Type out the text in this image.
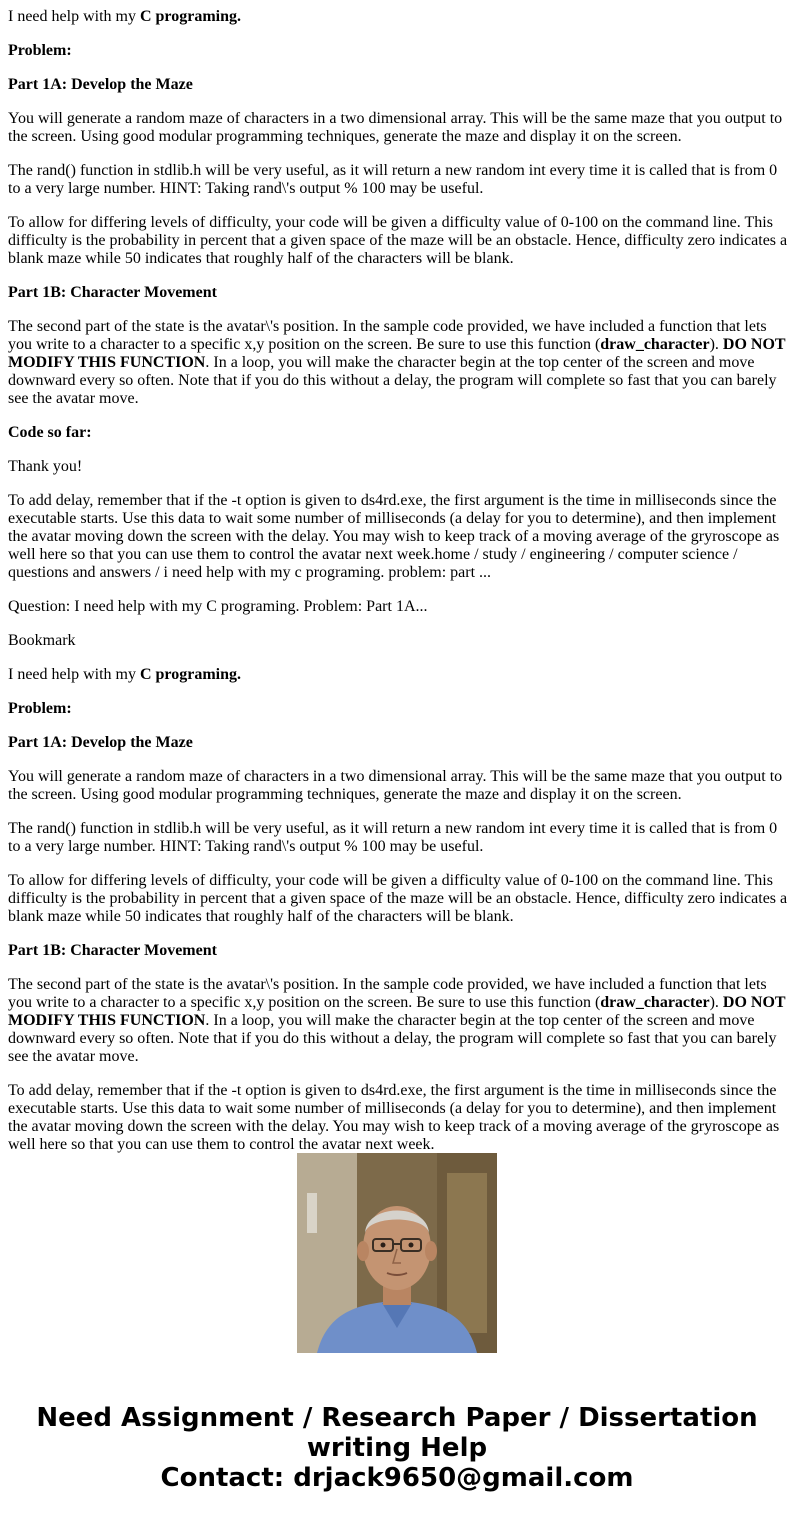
I need help with my C programing.

Problem:

Part 1A: Develop the Maze

You will generate a random maze of characters in a two dimensional array. This will be the same maze that you output to the screen. Using good modular programming techniques, generate the maze and display it on the screen.

The rand() function in stdlib.h will be very useful, as it will return a new random int every time it is called that is from 0 to a very large number. HINT: Taking rand\'s output % 100 may be useful.

To allow for differing levels of difficulty, your code will be given a difficulty value of 0-100 on the command line. This difficulty is the probability in percent that a given space of the maze will be an obstacle. Hence, difficulty zero indicates a blank maze while 50 indicates that roughly half of the characters will be blank.

Part 1B: Character Movement

The second part of the state is the avatar\'s position. In the sample code provided, we have included a function that lets you write to a character to a specific x,y position on the screen. Be sure to use this function (draw_character). DO NOT MODIFY THIS FUNCTION. In a loop, you will make the character begin at the top center of the screen and move downward every so often. Note that if you do this without a delay, the program will complete so fast that you can barely see the avatar move.

Code so far:

Thank you!

To add delay, remember that if the -t option is given to ds4rd.exe, the first argument is the time in milliseconds since the executable starts. Use this data to wait some number of milliseconds (a delay for you to determine), and then implement the avatar moving down the screen with the delay. You may wish to keep track of a moving average of the gryroscope as well here so that you can use them to control the avatar next week.home / study / engineering / computer science / questions and answers / i need help with my c programing. problem: part ...

Question: I need help with my C programing. Problem: Part 1A...

Bookmark

I need help with my C programing.

Problem:

Part 1A: Develop the Maze

You will generate a random maze of characters in a two dimensional array. This will be the same maze that you output to the screen. Using good modular programming techniques, generate the maze and display it on the screen.

The rand() function in stdlib.h will be very useful, as it will return a new random int every time it is called that is from 0 to a very large number. HINT: Taking rand\'s output % 100 may be useful.

To allow for differing levels of difficulty, your code will be given a difficulty value of 0-100 on the command line. This difficulty is the probability in percent that a given space of the maze will be an obstacle. Hence, difficulty zero indicates a blank maze while 50 indicates that roughly half of the characters will be blank.

Part 1B: Character Movement

The second part of the state is the avatar\'s position. In the sample code provided, we have included a function that lets you write to a character to a specific x,y position on the screen. Be sure to use this function (draw_character). DO NOT MODIFY THIS FUNCTION. In a loop, you will make the character begin at the top center of the screen and move downward every so often. Note that if you do this without a delay, the program will complete so fast that you can barely see the avatar move.

To add delay, remember that if the -t option is given to ds4rd.exe, the first argument is the time in milliseconds since the executable starts. Use this data to wait some number of milliseconds (a delay for you to determine), and then implement the avatar moving down the screen with the delay. You may wish to keep track of a moving average of the gryroscope as well here so that you can use them to control the avatar next week.

Need Assignment / Research Paper / Dissertation writing Help
Contact: drjack9650@gmail.com
